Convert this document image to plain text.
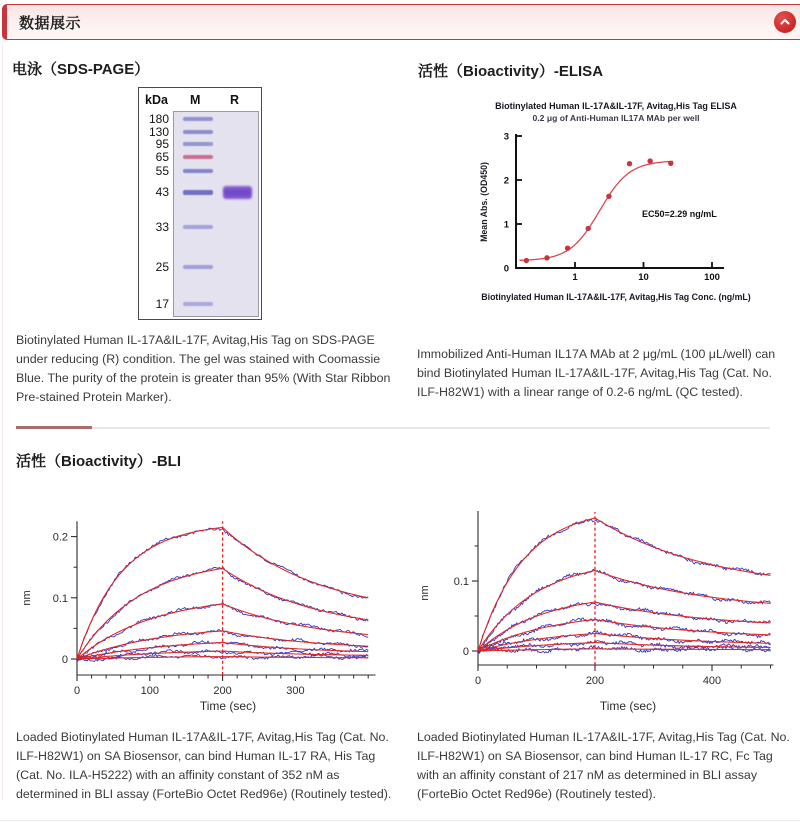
数据展示
电泳（SDS-PAGE）
kDa M R
180
130
95
65
55
43
33
25
17
Biotinylated Human IL-17A&IL-17F, Avitag,His Tag on SDS-PAGE under reducing (R) condition. The gel was stained with Coomassie Blue. The purity of the protein is greater than 95% (With Star Ribbon Pre-stained Protein Marker).
活性（Bioactivity）-ELISA
Biotinylated Human IL-17A&IL-17F, Avitag,His Tag ELISA
0.2 μg of Anti-Human IL17A MAb per well
Mean Abs. (OD450)
0
1
2
3
1	10	100
EC50=2.29 ng/mL
Biotinylated Human IL-17A&IL-17F, Avitag,His Tag Conc. (ng/mL)
Immobilized Anti-Human IL17A MAb at 2 μg/mL (100 μL/well) can bind Biotinylated Human IL-17A&IL-17F, Avitag,His Tag (Cat. No. ILF-H82W1) with a linear range of 0.2-6 ng/mL (QC tested).
活性（Bioactivity）-BLI
nm
0
0.1
0.2
0	100	200	300
Time (sec)
nm
0
0.1
0	200	400
Time (sec)
Loaded Biotinylated Human IL-17A&IL-17F, Avitag,His Tag (Cat. No. ILF-H82W1) on SA Biosensor, can bind Human IL-17 RA, His Tag (Cat. No. ILA-H5222) with an affinity constant of 352 nM as determined in BLI assay (ForteBio Octet Red96e) (Routinely tested).
Loaded Biotinylated Human IL-17A&IL-17F, Avitag,His Tag (Cat. No. ILF-H82W1) on SA Biosensor, can bind Human IL-17 RC, Fc Tag with an affinity constant of 217 nM as determined in BLI assay (ForteBio Octet Red96e) (Routinely tested).
